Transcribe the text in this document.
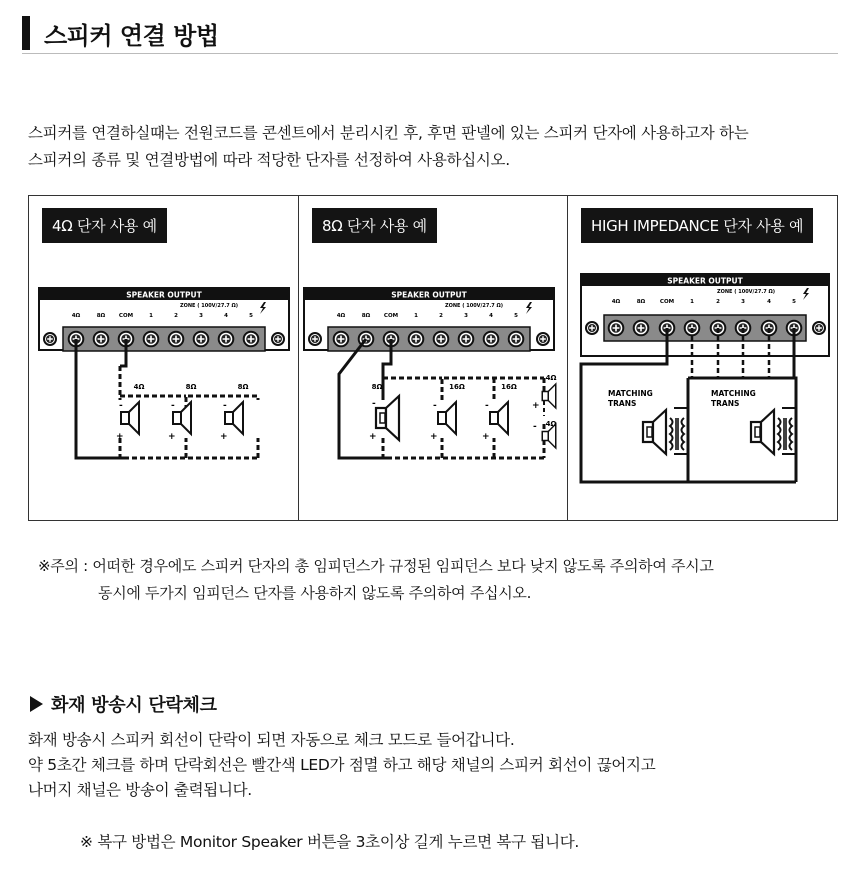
스피커 연결 방법

스피커를 연결하실때는 전원코드를 콘센트에서 분리시킨 후, 후면 판넬에 있는 스피커 단자에 사용하고자 하는

스피커의 종류 및 연결방법에 따라 적당한 단자를 선정하여 사용하십시오.

SPEAKER OUTPUT
ZONE ( 100V/27.7 Ω)
4Ω	8Ω COM	1	2	3	4	5
4Ω	8Ω	8Ω
-
+
-
+
-
+
4Ω 단자 사용 예
SPEAKER OUTPUT
ZONE ( 100V/27.7 Ω)
4Ω	8Ω COM	1	2	3	4	5
8Ω	16Ω	16Ω
4Ω
4Ω
-
+
-
+
-
+
+
-
8Ω 단자 사용 예
SPEAKER OUTPUT
ZONE ( 100V/27.7 Ω)
4Ω	8Ω	COM	1	2	3	4	5
MATCHING
TRANS
MATCHING
TRANS
HIGH IMPEDANCE 단자 사용 예
※주의 :
어떠한 경우에도 스피커 단자의 총 임피던스가 규정된 임피던스 보다 낮지 않도록 주의하여 주시고
동시에 두가지 임피던스 단자를 사용하지 않도록 주의하여 주십시오.
화재 방송시 단락체크

화재 방송시 스피커 회선이 단락이 되면 자동으로 체크 모드로 들어갑니다.

약 5초간 체크를 하며 단락회선은 빨간색 LED가 점멸 하고 해당 채널의 스피커 회선이 끊어지고

나머지 채널은 방송이 출력됩니다.

※ 복구 방법은 Monitor Speaker 버튼을 3초이상 길게 누르면 복구 됩니다.
